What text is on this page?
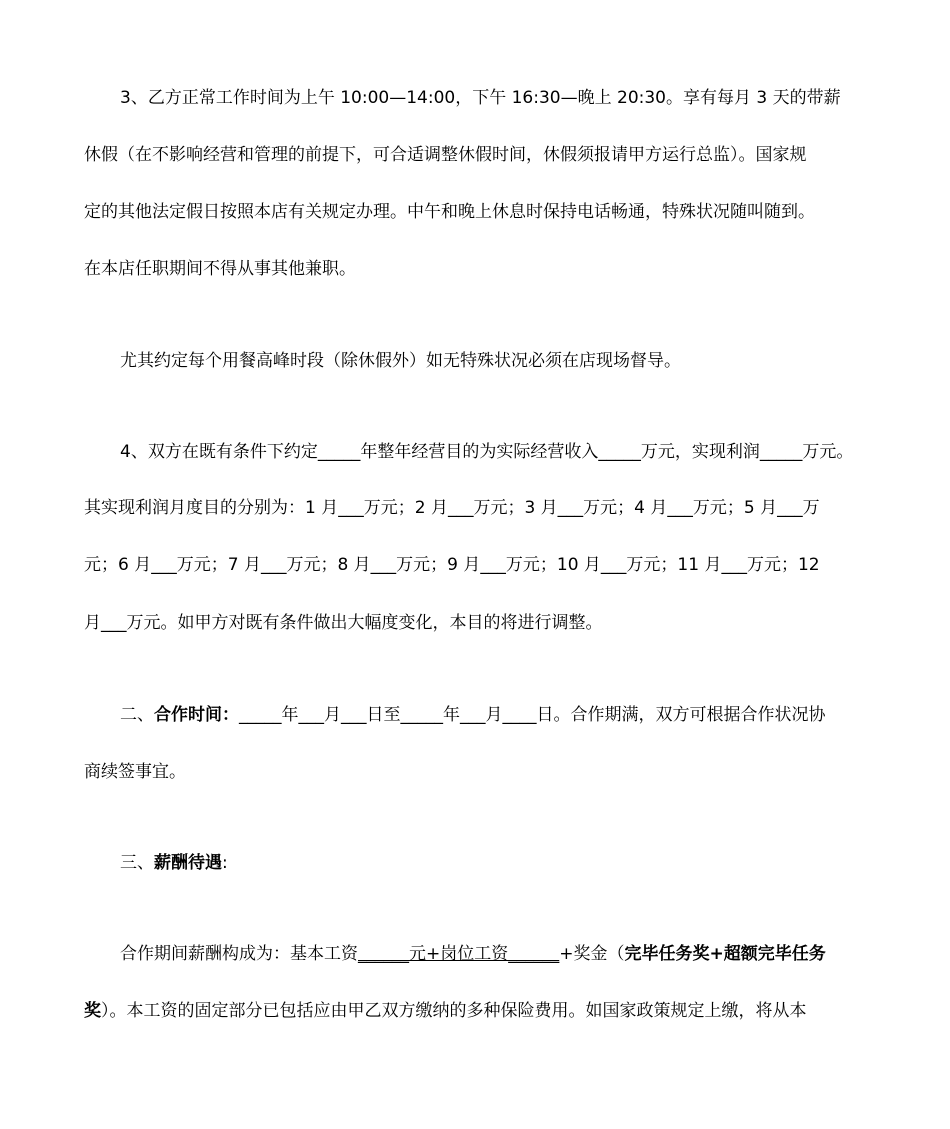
3、乙方正常工作时间为上午 10:00—14:00，下午 16:30—晚上 20:30。享有每月 3 天的带薪
休假（在不影响经营和管理的前提下，可合适调整休假时间，休假须报请甲方运行总监）。国家规
定的其他法定假日按照本店有关规定办理。中午和晚上休息时保持电话畅通，特殊状况随叫随到。
在本店任职期间不得从事其他兼职。
尤其约定每个用餐高峰时段（除休假外）如无特殊状况必须在店现场督导。
4、双方在既有条件下约定_____年整年经营目的为实际经营收入_____万元，实现利润_____万元。
其实现利润月度目的分别为：1 月___万元；2 月___万元；3 月___万元；4 月___万元；5 月___万
元；6 月___万元；7 月___万元；8 月___万元；9 月___万元；10 月___万元；11 月___万元；12
月___万元。如甲方对既有条件做出大幅度变化，本目的将进行调整。
二、合作时间：_____年___月___日至_____年___月____日。合作期满，双方可根据合作状况协
商续签事宜。
三、薪酬待遇:
合作期间薪酬构成为：基本工资______元+岗位工资______+奖金（完毕任务奖+超额完毕任务
奖）。本工资的固定部分已包括应由甲乙双方缴纳的多种保险费用。如国家政策规定上缴，将从本
